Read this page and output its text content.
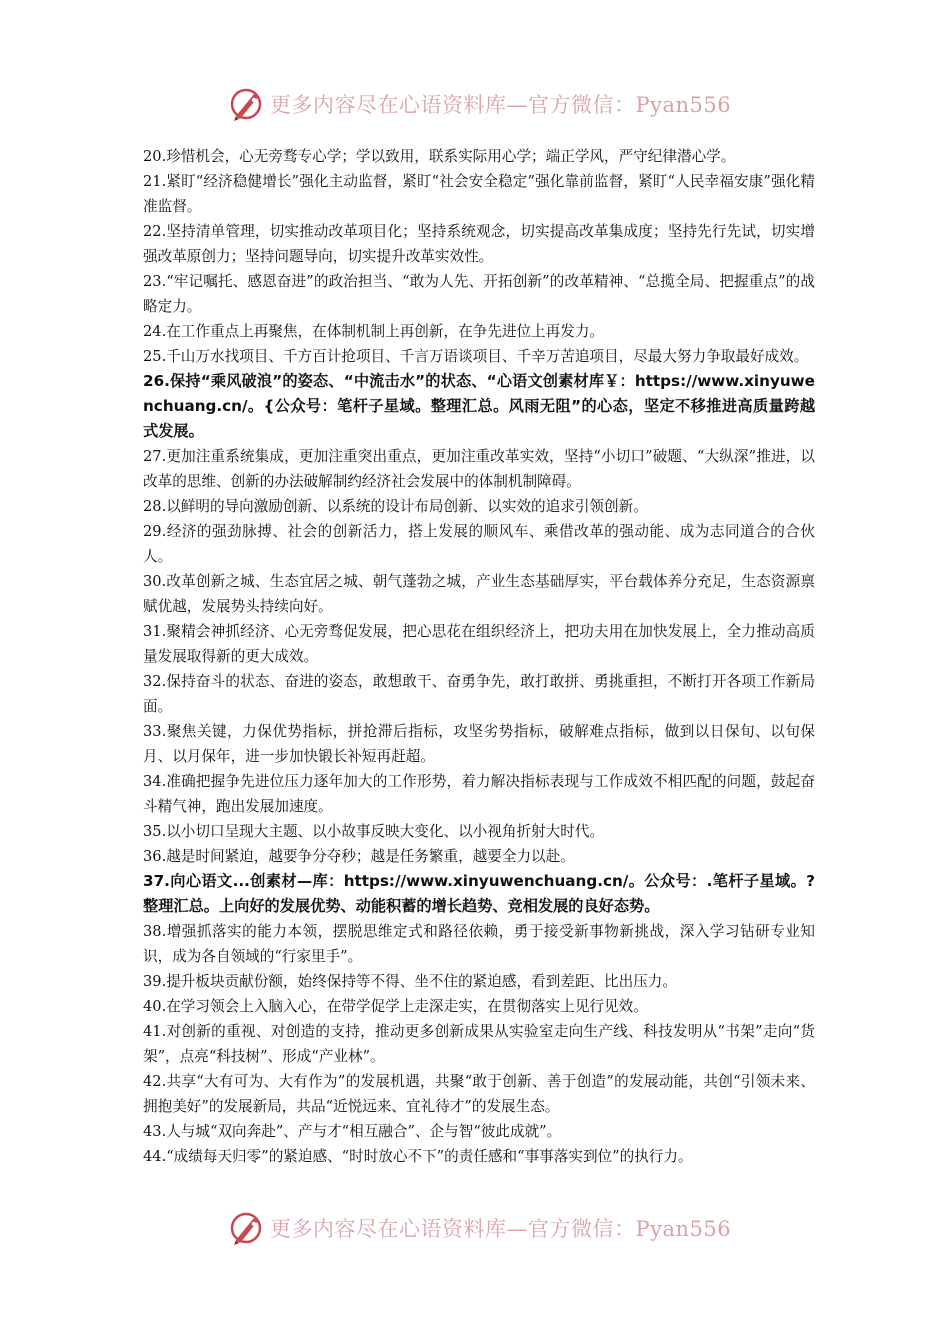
更多内容尽在心语资料库—官方微信：Pyan556

20.珍惜机会，心无旁骛专心学；学以致用，联系实际用心学；端正学风，严守纪律潜心学。

21.紧盯“经济稳健增长”强化主动监督，紧盯“社会安全稳定”强化靠前监督，紧盯“人民幸福安康”强化精准监督。

22.坚持清单管理，切实推动改革项目化；坚持系统观念，切实提高改革集成度；坚持先行先试，切实增强改革原创力；坚持问题导向，切实提升改革实效性。

23.“牢记嘱托、感恩奋进”的政治担当、“敢为人先、开拓创新”的改革精神、“总揽全局、把握重点”的战略定力。

24.在工作重点上再聚焦，在体制机制上再创新，在争先进位上再发力。

25.千山万水找项目、千方百计抢项目、千言万语谈项目、千辛万苦追项目，尽最大努力争取最好成效。

26.保持“乘风破浪”的姿态、“中流击水”的状态、“心语文创素材库￥：https://www.xinyuwenchuang.cn/。{公众号：笔杆子星域。整理汇总。风雨无阻”的心态，坚定不移推进高质量跨越式发展。

27.更加注重系统集成，更加注重突出重点，更加注重改革实效，坚持“小切口”破题、“大纵深”推进，以改革的思维、创新的办法破解制约经济社会发展中的体制机制障碍。

28.以鲜明的导向激励创新、以系统的设计布局创新、以实效的追求引领创新。

29.经济的强劲脉搏、社会的创新活力，搭上发展的顺风车、乘借改革的强动能、成为志同道合的合伙人。

30.改革创新之城、生态宜居之城、朝气蓬勃之城，产业生态基础厚实，平台载体养分充足，生态资源禀赋优越，发展势头持续向好。

31.聚精会神抓经济、心无旁骛促发展，把心思花在组织经济上，把功夫用在加快发展上，全力推动高质量发展取得新的更大成效。

32.保持奋斗的状态、奋进的姿态，敢想敢干、奋勇争先，敢打敢拼、勇挑重担，不断打开各项工作新局面。

33.聚焦关键，力保优势指标，拼抢滞后指标，攻坚劣势指标，破解难点指标，做到以日保旬、以旬保月、以月保年，进一步加快锻长补短再赶超。

34.准确把握争先进位压力逐年加大的工作形势，着力解决指标表现与工作成效不相匹配的问题，鼓起奋斗精气神，跑出发展加速度。

35.以小切口呈现大主题、以小故事反映大变化、以小视角折射大时代。

36.越是时间紧迫，越要争分夺秒；越是任务繁重，越要全力以赴。

37.向心语文...创素材—库：https://www.xinyuwenchuang.cn/。公众号：.笔杆子星域。?整理汇总。上向好的发展优势、动能积蓄的增长趋势、竞相发展的良好态势。

38.增强抓落实的能力本领，摆脱思维定式和路径依赖，勇于接受新事物新挑战，深入学习钻研专业知识，成为各自领域的“行家里手”。

39.提升板块贡献份额，始终保持等不得、坐不住的紧迫感，看到差距、比出压力。

40.在学习领会上入脑入心，在带学促学上走深走实，在贯彻落实上见行见效。

41.对创新的重视、对创造的支持，推动更多创新成果从实验室走向生产线、科技发明从“书架”走向“货架”，点亮“科技树”、形成“产业林”。

42.共享“大有可为、大有作为”的发展机遇，共聚“敢于创新、善于创造”的发展动能，共创“引领未来、拥抱美好”的发展新局，共品“近悦远来、宜礼待才”的发展生态。

43.人与城“双向奔赴”、产与才“相互融合”、企与智“彼此成就”。

44.“成绩每天归零”的紧迫感、“时时放心不下”的责任感和“事事落实到位”的执行力。

更多内容尽在心语资料库—官方微信：Pyan556
